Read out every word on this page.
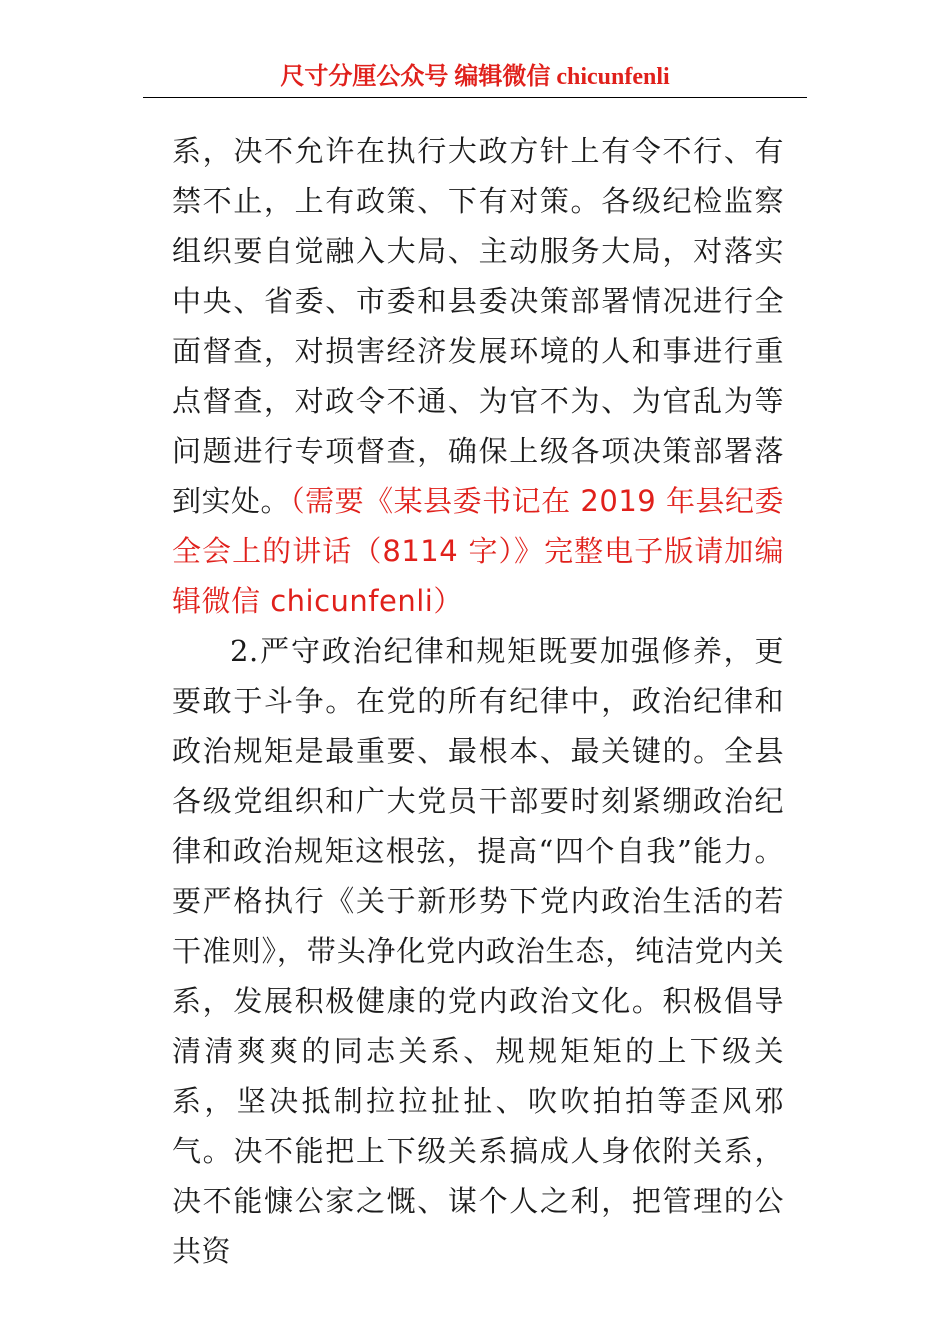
尺寸分厘公众号 编辑微信 chicunfenli

系，决不允许在执行大政方针上有令不行、有禁不止，上有政策、下有对策。各级纪检监察组织要自觉融入大局、主动服务大局，对落实中央、省委、市委和县委决策部署情况进行全面督查，对损害经济发展环境的人和事进行重点督查，对政令不通、为官不为、为官乱为等问题进行专项督查，确保上级各项决策部署落到实处。（需要《某县委书记在 2019 年县纪委全会上的讲话（8114 字）》完整电子版请加编辑微信 chicunfenli）

2.严守政治纪律和规矩既要加强修养，更要敢于斗争。在党的所有纪律中，政治纪律和政治规矩是最重要、最根本、最关键的。全县各级党组织和广大党员干部要时刻紧绷政治纪律和政治规矩这根弦，提高“四个自我”能力。要严格执行《关于新形势下党内政治生活的若干准则》，带头净化党内政治生态，纯洁党内关系，发展积极健康的党内政治文化。积极倡导清清爽爽的同志关系、规规矩矩的上下级关系，坚决抵制拉拉扯扯、吹吹拍拍等歪风邪气。决不能把上下级关系搞成人身依附关系，决不能慷公家之慨、谋个人之利，把管理的公共资
